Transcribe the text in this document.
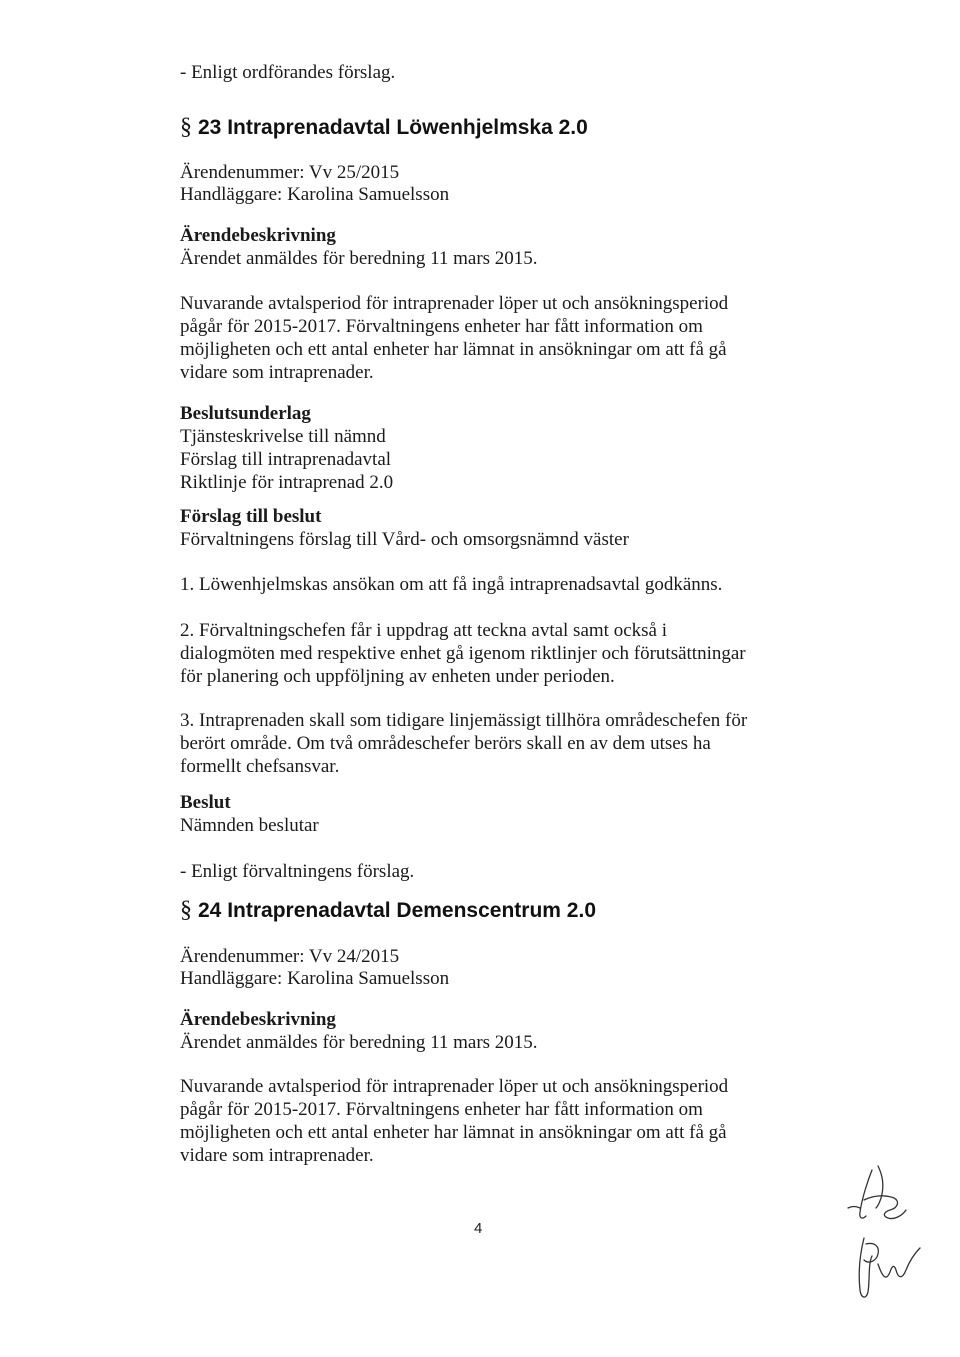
- Enligt ordförandes förslag.
§ 23 Intraprenadavtal Löwenhjelmska 2.0
Ärendenummer: Vv 25/2015
Handläggare: Karolina Samuelsson
Ärendebeskrivning
Ärendet anmäldes för beredning 11 mars 2015.
Nuvarande avtalsperiod för intraprenader löper ut och ansökningsperiod
pågår för 2015-2017. Förvaltningens enheter har fått information om
möjligheten och ett antal enheter har lämnat in ansökningar om att få gå
vidare som intraprenader.
Beslutsunderlag
Tjänsteskrivelse till nämnd
Förslag till intraprenadavtal
Riktlinje för intraprenad 2.0
Förslag till beslut
Förvaltningens förslag till Vård- och omsorgsnämnd väster
1. Löwenhjelmskas ansökan om att få ingå intraprenadsavtal godkänns.
2. Förvaltningschefen får i uppdrag att teckna avtal samt också i
dialogmöten med respektive enhet gå igenom riktlinjer och förutsättningar
för planering och uppföljning av enheten under perioden.
3. Intraprenaden skall som tidigare linjemässigt tillhöra områdeschefen för
berört område. Om två områdeschefer berörs skall en av dem utses ha
formellt chefsansvar.
Beslut
Nämnden beslutar
- Enligt förvaltningens förslag.
§ 24 Intraprenadavtal Demenscentrum 2.0
Ärendenummer: Vv 24/2015
Handläggare: Karolina Samuelsson
Ärendebeskrivning
Ärendet anmäldes för beredning 11 mars 2015.
Nuvarande avtalsperiod för intraprenader löper ut och ansökningsperiod
pågår för 2015-2017. Förvaltningens enheter har fått information om
möjligheten och ett antal enheter har lämnat in ansökningar om att få gå
vidare som intraprenader.
4
